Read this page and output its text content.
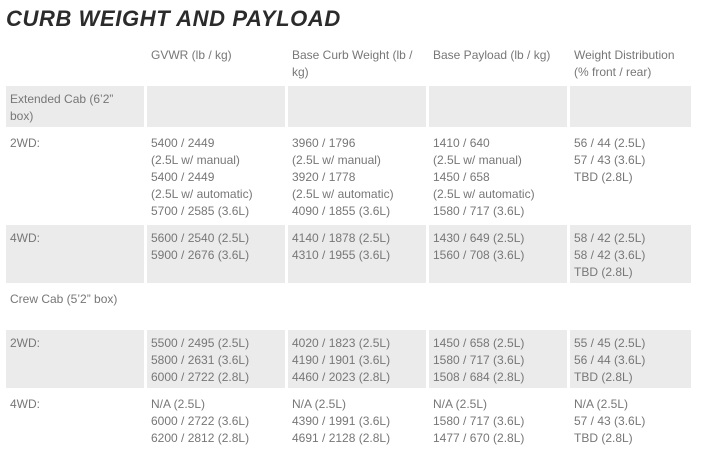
CURB WEIGHT AND PAYLOAD
	GVWR (lb / kg)	Base Curb Weight (lb / kg)	Base Payload (lb / kg)	Weight Distribution     (% front / rear)
Extended Cab (6’2” box)				
2WD:	5400 / 2449
(2.5L w/ manual)
5400 / 2449
(2.5L w/ automatic)
5700 / 2585 (3.6L)	3960 / 1796
(2.5L w/ manual)
3920 / 1778
(2.5L w/ automatic)
4090 / 1855 (3.6L)	1410 / 640
(2.5L w/ manual)
1450 / 658
(2.5L w/ automatic)
1580 / 717 (3.6L)	56 / 44 (2.5L)
57 / 43 (3.6L)
TBD (2.8L)

4WD:	5600 / 2540 (2.5L)
5900 / 2676 (3.6L)	4140 / 1878 (2.5L)
4310 / 1955 (3.6L)	1430 / 649 (2.5L)
1560 / 708 (3.6L)	58 / 42 (2.5L)
58 / 42 (3.6L)
TBD (2.8L)

Crew Cab (5’2” box)				
2WD:	5500 / 2495 (2.5L)
5800 / 2631 (3.6L)
6000 / 2722 (2.8L)	4020 / 1823 (2.5L)
4190 / 1901 (3.6L)
4460 / 2023 (2.8L)	1450 / 658 (2.5L)
1580 / 717 (3.6L)
1508 / 684 (2.8L)	55 / 45 (2.5L)
56 / 44 (3.6L)
TBD (2.8L)

4WD:	N/A (2.5L)
6000 / 2722 (3.6L)
6200 / 2812 (2.8L)	N/A (2.5L)
4390 / 1991 (3.6L)
4691 / 2128 (2.8L)	N/A (2.5L)
1580 / 717 (3.6L)
1477 / 670 (2.8L)	N/A (2.5L)
57 / 43 (3.6L)
TBD (2.8L)
